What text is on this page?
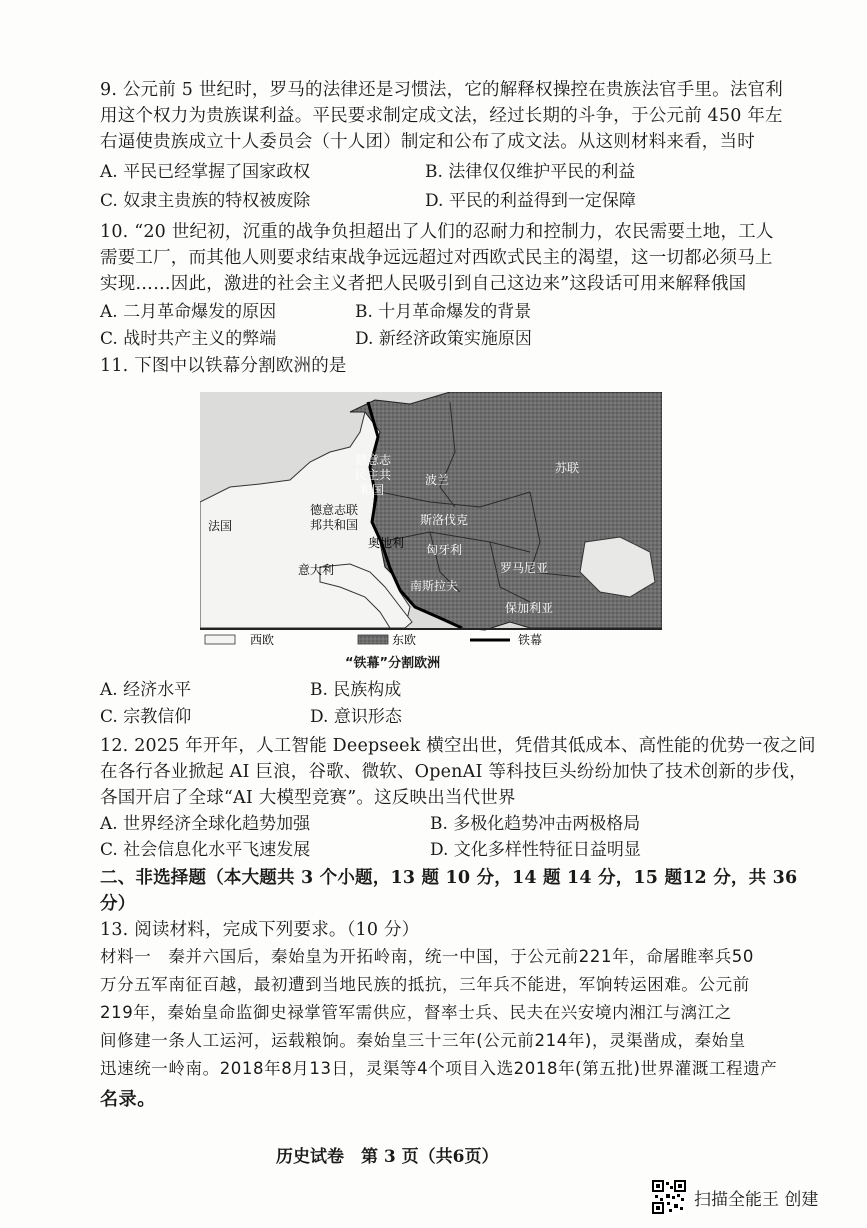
9. 公元前 5 世纪时，罗马的法律还是习惯法，它的解释权操控在贵族法官手里。法官利
用这个权力为贵族谋利益。平民要求制定成文法，经过长期的斗争，于公元前 450 年左
右逼使贵族成立十人委员会（十人团）制定和公布了成文法。从这则材料来看，当时
A. 平民已经掌握了国家政权	B. 法律仅仅维护平民的利益
C. 奴隶主贵族的特权被废除	D. 平民的利益得到一定保障
10. “20 世纪初，沉重的战争负担超出了人们的忍耐力和控制力，农民需要土地，工人
需要工厂，而其他人则要求结束战争远远超过对西欧式民主的渴望，这一切都必须马上
实现……因此，激进的社会主义者把人民吸引到自己这边来”这段话可用来解释俄国
A. 二月革命爆发的原因	B. 十月革命爆发的背景
C. 战时共产主义的弊端	D. 新经济政策实施原因
11. 下图中以铁幕分割欧洲的是
西欧	东欧	铁幕
苏联
波兰
德意志
民主共
和国
德意志联
邦共和国	斯洛伐克
奥地利 匈牙利
罗马尼亚
南斯拉夫
保加利亚
法国
意大利
“铁幕”分割欧洲
A. 经济水平	B. 民族构成
C. 宗教信仰	D. 意识形态
12. 2025 年开年，人工智能 Deepseek 横空出世，凭借其低成本、高性能的优势一夜之间
在各行各业掀起 AI 巨浪，谷歌、微软、OpenAI 等科技巨头纷纷加快了技术创新的步伐，
各国开启了全球“AI 大模型竞赛”。这反映出当代世界
A. 世界经济全球化趋势加强	B. 多极化趋势冲击两极格局
C. 社会信息化水平飞速发展	D. 文化多样性特征日益明显
二、非选择题（本大题共 3 个小题，13 题 10 分，14 题 14 分，15 题12 分，共 36
分）
13. 阅读材料，完成下列要求。（10 分）
材料一　秦并六国后，秦始皇为开拓岭南，统一中国，于公元前221年，命屠睢率兵50
万分五军南征百越，最初遭到当地民族的抵抗，三年兵不能进，军饷转运困难。公元前
219年，秦始皇命监御史禄掌管军需供应，督率士兵、民夫在兴安境内湘江与漓江之
间修建一条人工运河，运载粮饷。秦始皇三十三年(公元前214年)，灵渠凿成，秦始皇
迅速统一岭南。2018年8月13日，灵渠等4个项目入选2018年(第五批)世界灌溉工程遗产
名录。
历史试卷　第 3 页（共6页）
扫描全能王 创建
